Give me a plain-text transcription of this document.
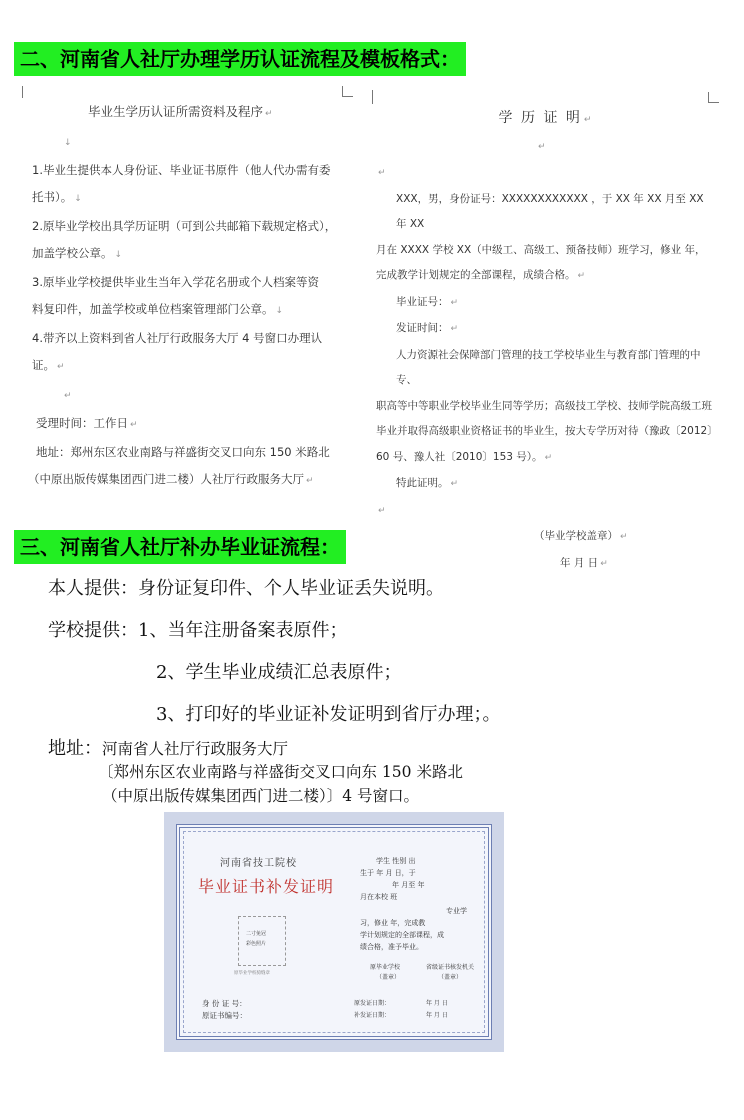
二、河南省人社厅办理学历认证流程及模板格式：

毕业生学历认证所需资料及程序 ↵

↓

1.毕业生提供本人身份证、毕业证书原件（他人代办需有委

托书）。 ↓

2.原毕业学校出具学历证明（可到公共邮箱下载规定格式），

加盖学校公章。 ↓

3.原毕业学校提供毕业生当年入学花名册或个人档案等资

料复印件，加盖学校或单位档案管理部门公章。 ↓

4.带齐以上资料到省人社厅行政服务大厅 4 号窗口办理认

证。 ↵

↵

受理时间：工作日 ↵

地址：郑州东区农业南路与祥盛街交叉口向东 150 米路北

（中原出版传媒集团西门进二楼）人社厅行政服务大厅 ↵

学 历 证 明 ↵

↵

↵

XXX，男，身份证号：XXXXXXXXXXXX ，于 XX 年 XX 月至 XX 年 XX

月在 XXXX 学校 XX（中级工、高级工、预备技师）班学习，修业 年，

完成教学计划规定的全部课程，成绩合格。 ↵

毕业证号： ↵

发证时间： ↵

人力资源社会保障部门管理的技工学校毕业生与教育部门管理的中专、

职高等中等职业学校毕业生同等学历；高级技工学校、技师学院高级工班

毕业并取得高级职业资格证书的毕业生，按大专学历对待（豫政〔2012〕

60 号、豫人社〔2010〕153 号）。 ↵

特此证明。 ↵

↵

（毕业学校盖章） ↵

年 月 日 ↵

三、河南省人社厅补办毕业证流程：
本人提供：身份证复印件、个人毕业证丢失说明。
学校提供：1、当年注册备案表原件；
2、学生毕业成绩汇总表原件；
3、打印好的毕业证补发证明到省厅办理；。
地址：河南省人社厅行政服务大厅
〔郑州东区农业南路与祥盛街交叉口向东 150 米路北
（中原出版传媒集团西门进二楼）〕4 号窗口。
河南省技工院校
毕业证书补发证明
二寸免冠
彩色照片
原毕业学校骑缝章
学生 性别 出
生于 年 月 日，于
年 月至 年
月在本校 班
专业学
习，修业 年，完成教
学计划规定的全部课程，成
绩合格，准予毕业。
原毕业学校
（盖章）
省级证书核发机关
（盖章）
身 份 证 号：
原证书编号：
原发证日期：
补发证日期：
年 月 日
年 月 日
